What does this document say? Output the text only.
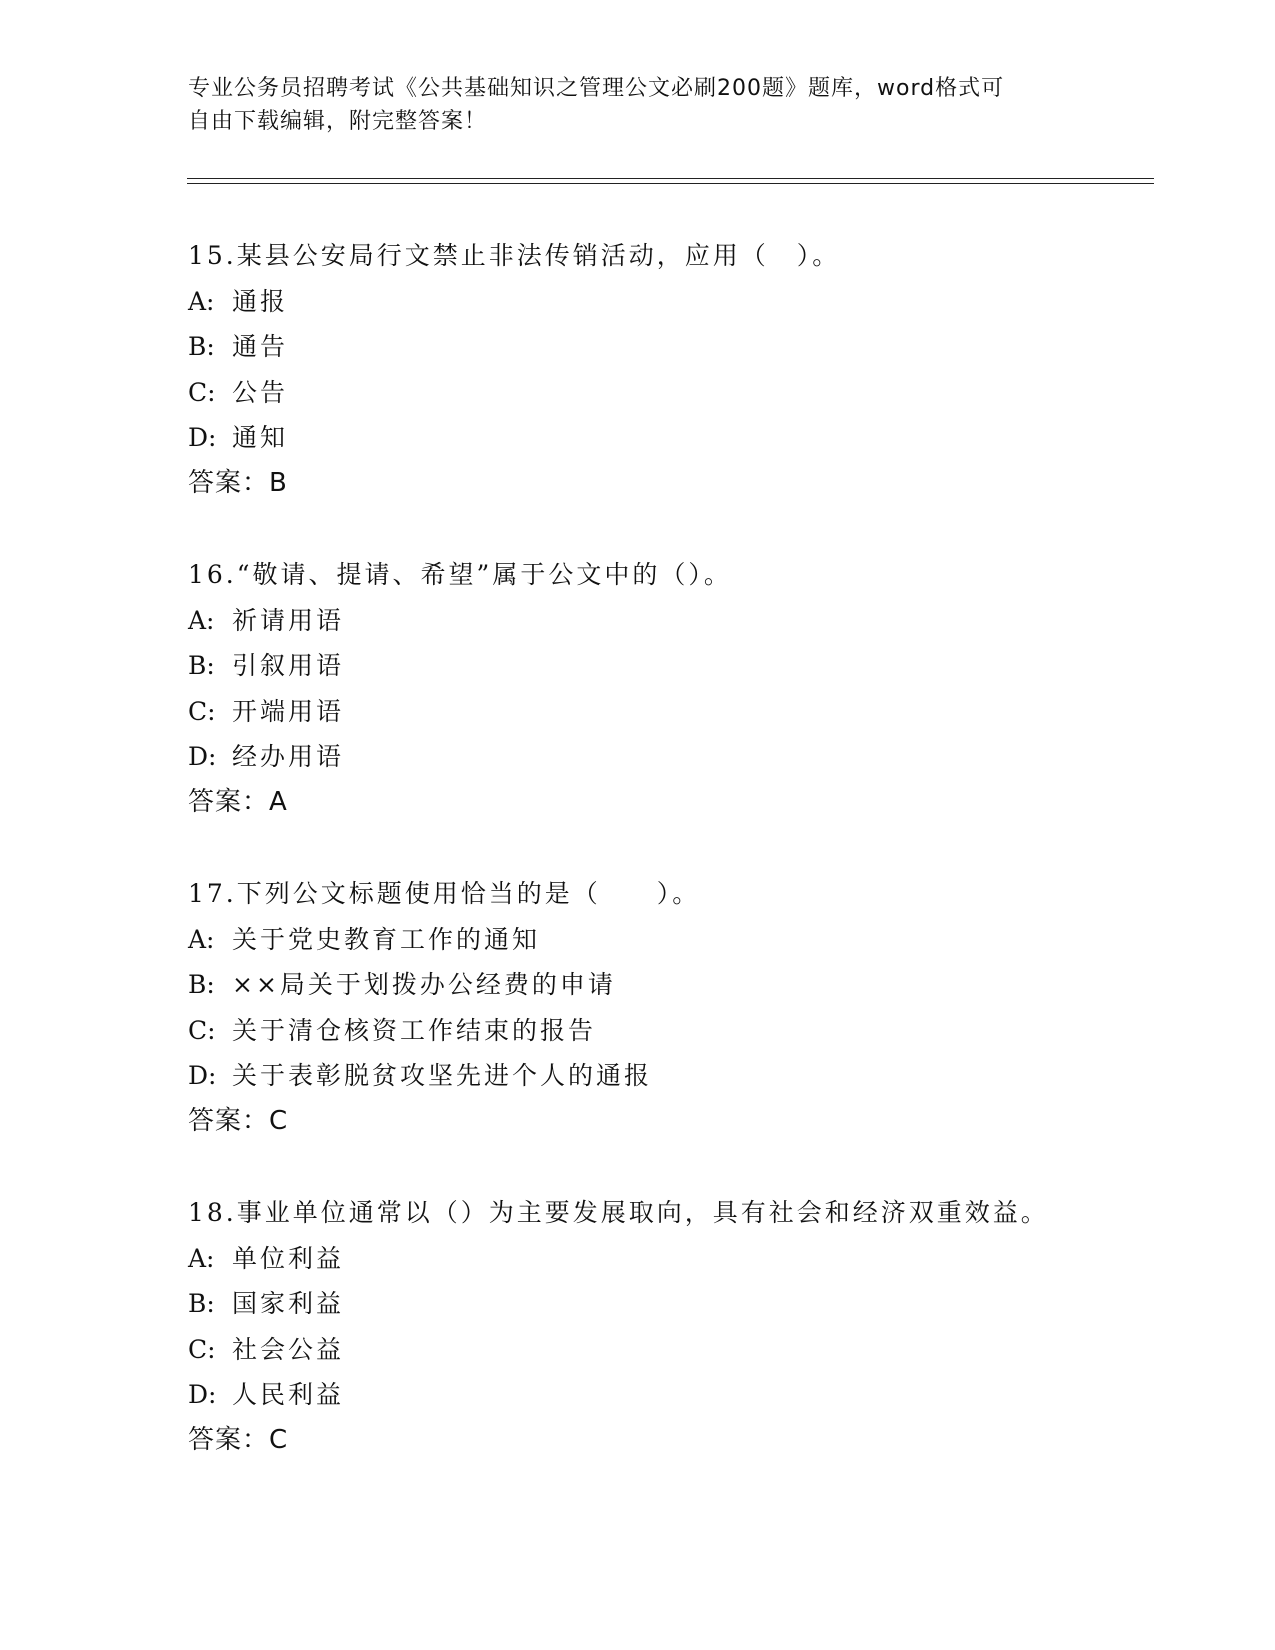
专业公务员招聘考试《公共基础知识之管理公文必刷200题》题库，word格式可
自由下载编辑，附完整答案！
15.某县公安局行文禁止非法传销活动，应用（　）。
A: 通报
B: 通告
C: 公告
D: 通知
答案：B
16.“敬请、提请、希望”属于公文中的（）。
A: 祈请用语
B: 引叙用语
C: 开端用语
D: 经办用语
答案：A
17.下列公文标题使用恰当的是（　　）。
A: 关于党史教育工作的通知
B: ××局关于划拨办公经费的申请
C: 关于清仓核资工作结束的报告
D: 关于表彰脱贫攻坚先进个人的通报
答案：C
18.事业单位通常以（）为主要发展取向，具有社会和经济双重效益。
A: 单位利益
B: 国家利益
C: 社会公益
D: 人民利益
答案：C
